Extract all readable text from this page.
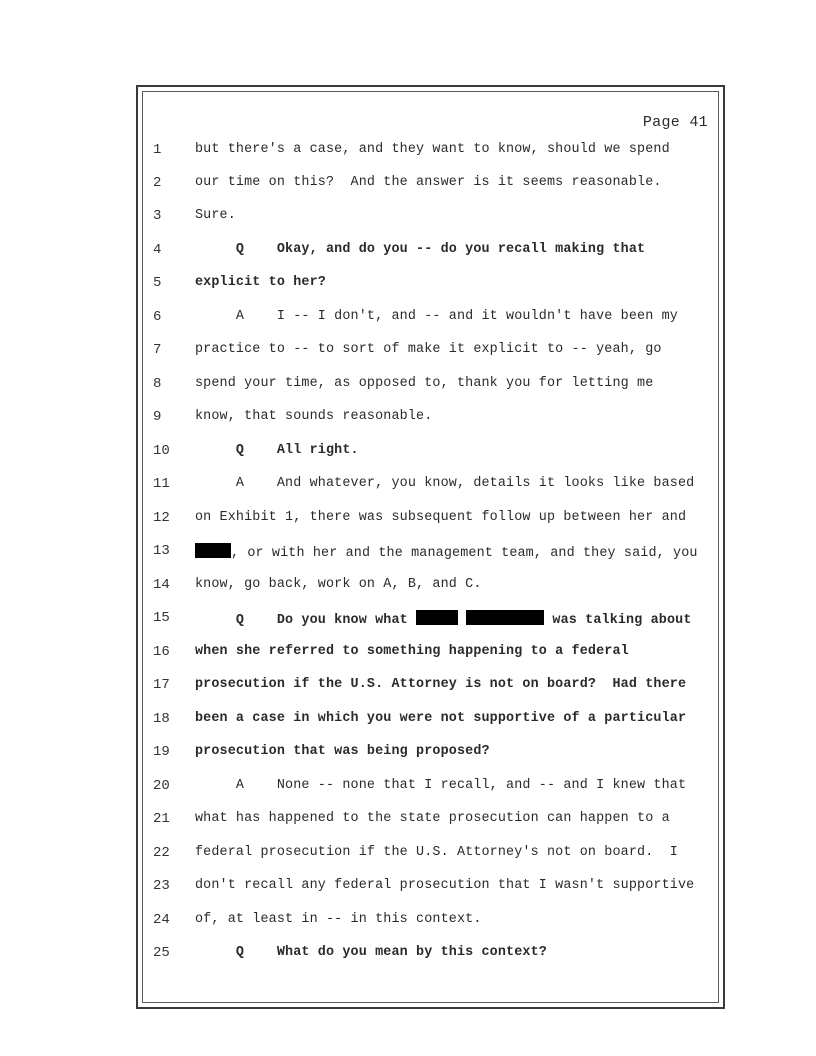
Page 41
1	but there's a case, and they want to know, should we spend
2	our time on this?  And the answer is it seems reasonable.
3	Sure.
4	Q    Okay, and do you -- do you recall making that
5	explicit to her?
6	A    I -- I don't, and -- and it wouldn't have been my
7	practice to -- to sort of make it explicit to -- yeah, go
8	spend your time, as opposed to, thank you for letting me
9	know, that sounds reasonable.
10	Q    All right.
11	A    And whatever, you know, details it looks like based
12	on Exhibit 1, there was subsequent follow up between her and
13	, or with her and the management team, and they said, you
14	know, go back, work on A, B, and C.
15	Q    Do you know what	was talking about
16	when she referred to something happening to a federal
17	prosecution if the U.S. Attorney is not on board?  Had there
18	been a case in which you were not supportive of a particular
19	prosecution that was being proposed?
20	A    None -- none that I recall, and -- and I knew that
21	what has happened to the state prosecution can happen to a
22	federal prosecution if the U.S. Attorney's not on board.  I
23	don't recall any federal prosecution that I wasn't supportive
24	of, at least in -- in this context.
25	Q    What do you mean by this context?
